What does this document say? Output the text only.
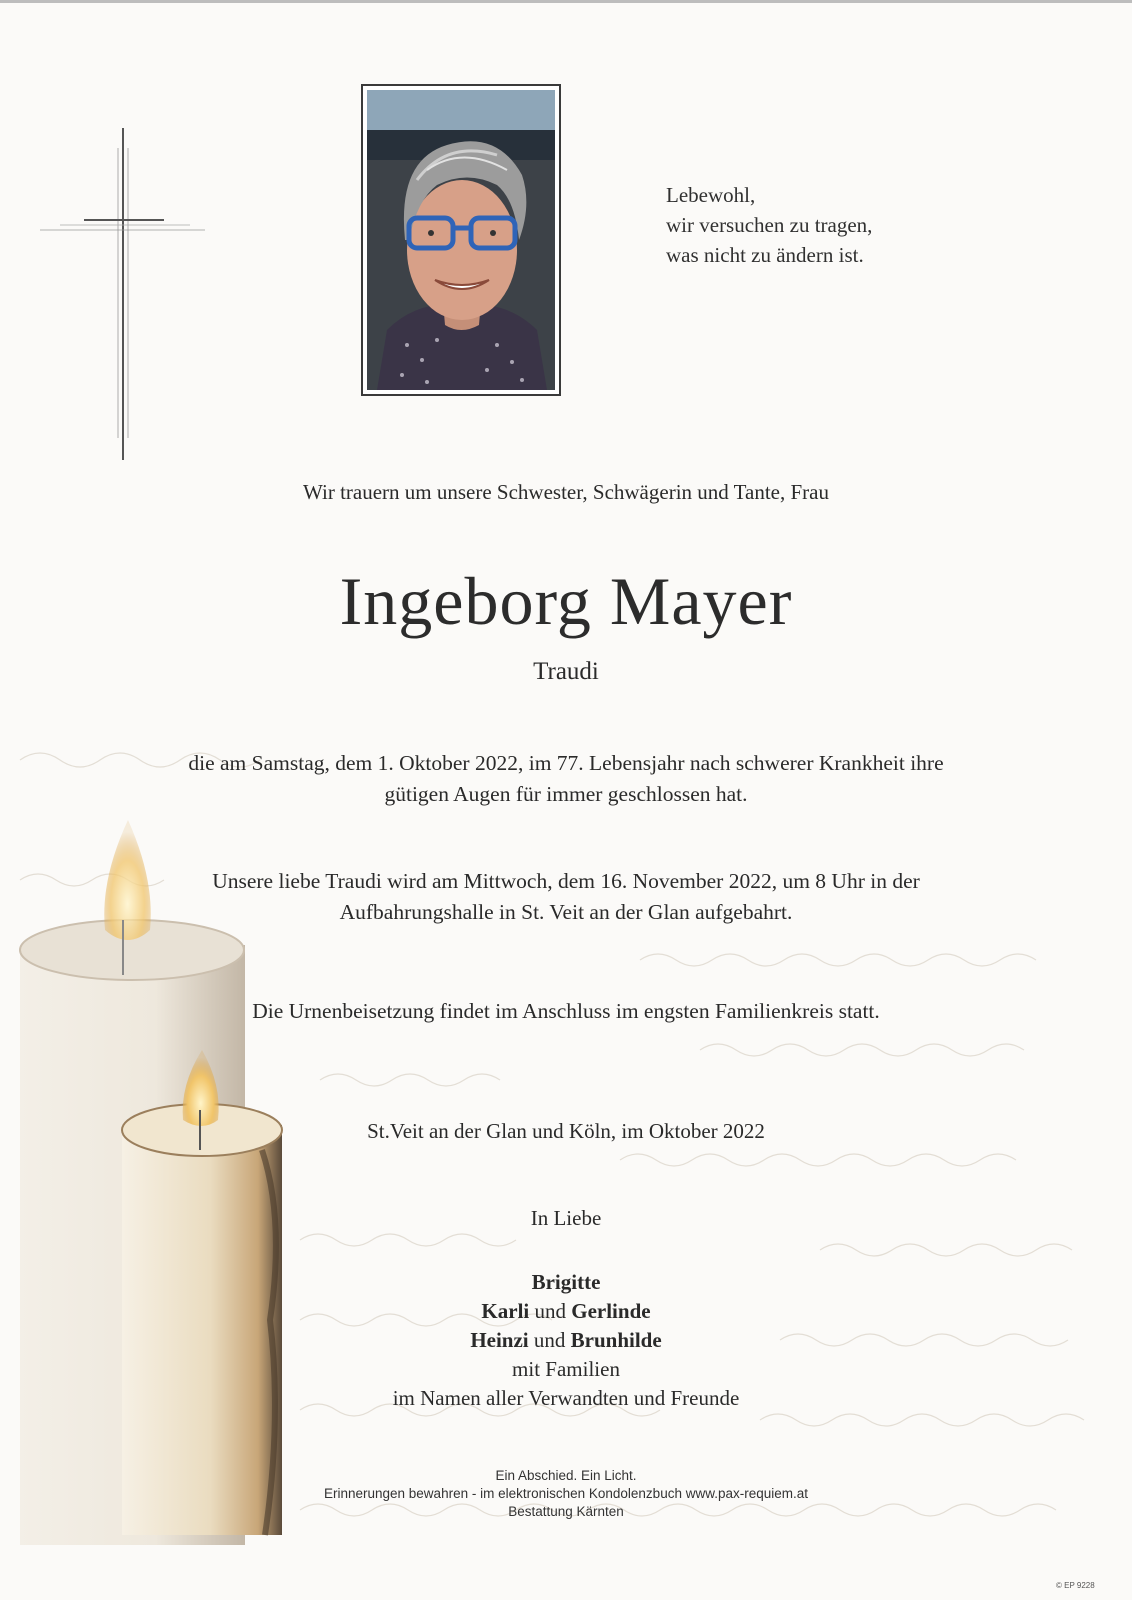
Lebewohl,
wir versuchen zu tragen,
was nicht zu ändern ist.
Wir trauern um unsere Schwester, Schwägerin und Tante, Frau
Ingeborg Mayer
Traudi
die am Samstag, dem 1. Oktober 2022, im 77. Lebensjahr nach schwerer Krankheit ihre
gütigen Augen für immer geschlossen hat.
Unsere liebe Traudi wird am Mittwoch, dem 16. November 2022, um 8 Uhr in der
Aufbahrungshalle in St. Veit an der Glan aufgebahrt.
Die Urnenbeisetzung findet im Anschluss im engsten Familienkreis statt.
St.Veit an der Glan und Köln, im Oktober 2022
In Liebe
Brigitte
Karli und Gerlinde
Heinzi und Brunhilde
mit Familien
im Namen aller Verwandten und Freunde
Ein Abschied. Ein Licht.
Erinnerungen bewahren - im elektronischen Kondolenzbuch www.pax-requiem.at
Bestattung Kärnten
© EP 9228
